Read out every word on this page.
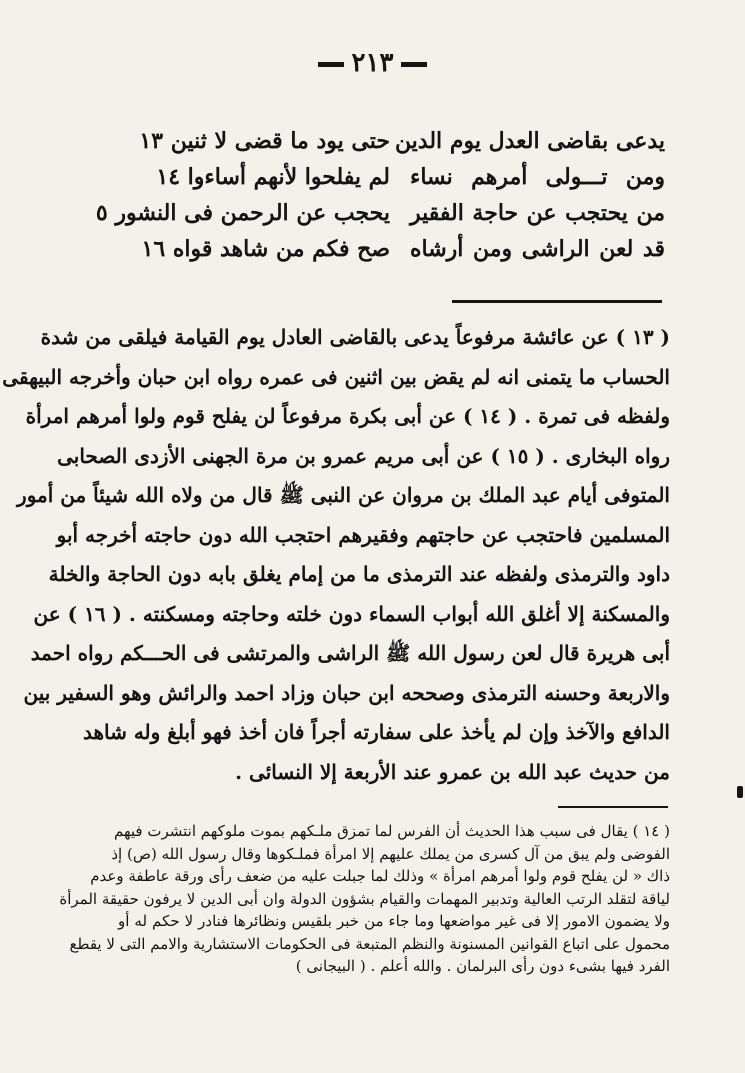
٢١٣
يدعى بقاضى العدل يوم الدين
حتى يود ما قضى لا ثنين ١٣
ومن تـــولى أمرهم نساء
لم يفلحوا لأنهم أساءوا ١٤
من يحتجب عن حاجة الفقير
يحجب عن الرحمن فى النشور ٥
قد لعن الراشى ومن أرشاه
صح فكم من شاهد قواه ١٦
( ١٣ ) عن عائشة مرفوعاً يدعى بالقاضى العادل يوم القيامة فيلقى من شدة
الحساب ما يتمنى انه لم يقض بين اثنين فى عمره رواه ابن حبان وأخرجه البيهقى
ولفظه فى تمرة . ( ١٤ ) عن أبى بكرة مرفوعاً لن يفلح قوم ولوا أمرهم امرأة
رواه البخارى . ( ١٥ ) عن أبى مريم عمرو بن مرة الجهنى الأزدى الصحابى
المتوفى أيام عبد الملك بن مروان عن النبى ﷺ قال من ولاه الله شيئاً من أمور
المسلمين فاحتجب عن حاجتهم وفقيرهم احتجب الله دون حاجته أخرجه أبو
داود والترمذى ولفظه عند الترمذى ما من إمام يغلق بابه دون الحاجة والخلة
والمسكنة إلا أغلق الله أبواب السماء دون خلته وحاجته ومسكنته . ( ١٦ ) عن
أبى هريرة قال لعن رسول الله ﷺ الراشى والمرتشى فى الحـــكم رواه احمد
والاربعة وحسنه الترمذى وصححه ابن حبان وزاد احمد والرائش وهو السفير بين
الدافع والآخذ وإن لم يأخذ على سفارته أجراً فان أخذ فهو أبلغ وله شاهد
من حديث عبد الله بن عمرو عند الأربعة إلا النسائى .
( ١٤ ) يقال فى سبب هذا الحديث أن الفرس لما تمزق ملـكهم بموت ملوكهم انتشرت فيهم
الفوضى ولم يبق من آل كسرى من يملك عليهم إلا امرأة فملـكوها وقال رسول الله (ص) إذ
ذاك « لن يفلح قوم ولوا أمرهم امرأة » وذلك لما جبلت عليه من ضعف رأى ورقة عاطفة وعدم
لياقة لتقلد الرتب العالية وتدبير المهمات والقيام بشؤون الدولة وان أبى الدين لا يرفون حقيقة المرأة
ولا يضمون الامور إلا فى غير مواضعها وما جاء من خبر بلقيس ونظائرها فنادر لا حكم له أو
محمول على اتباع القوانين المسنونة والنظم المتبعة فى الحكومات الاستشارية والامم التى لا يقطع
الفرد فيها بشىء دون رأى البرلمان . والله أعلم . ( البيجانى )
